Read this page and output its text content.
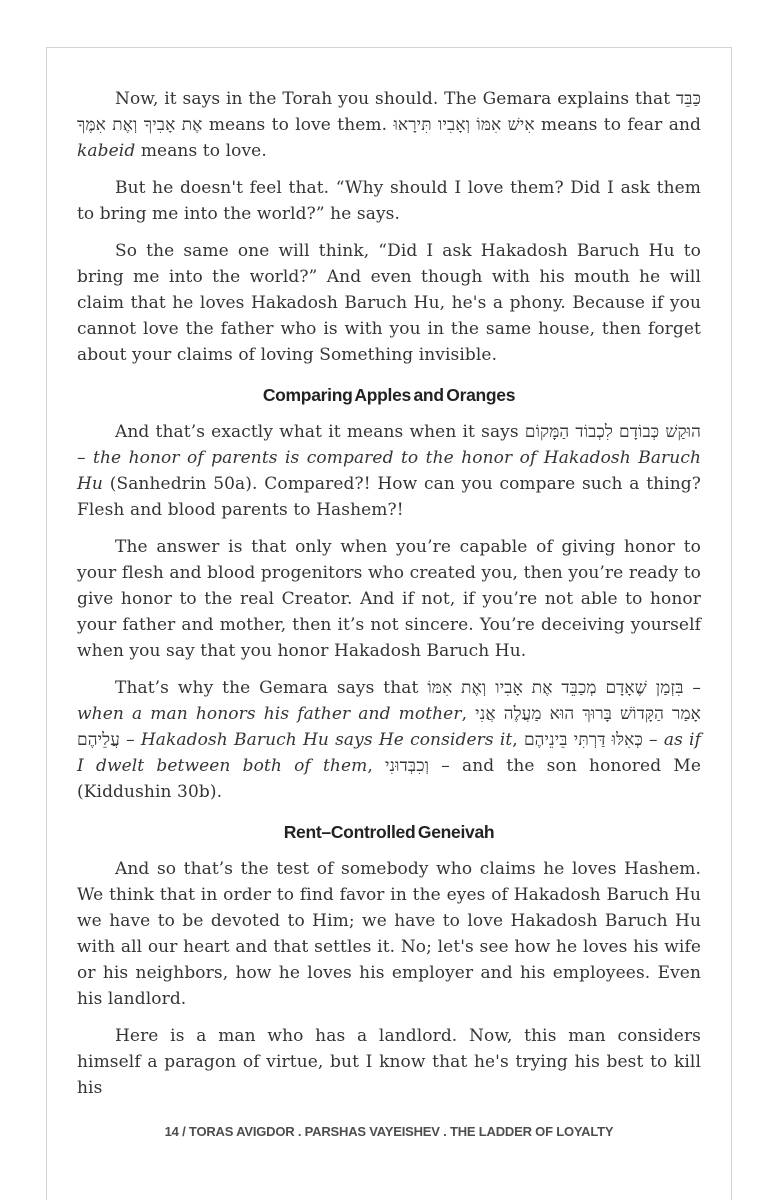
Now, it says in the Torah you should. The Gemara explains that כַּבֵּד אֶת אָבִיךָ וְאֶת אִמֶּךָ means to love them. אִישׁ אִמּוֹ וְאָבִיו תִּירָאוּ means to fear and kabeid means to love.

But he doesn't feel that. “Why should I love them? Did I ask them to bring me into the world?” he says.

So the same one will think, “Did I ask Hakadosh Baruch Hu to bring me into the world?” And even though with his mouth he will claim that he loves Hakadosh Baruch Hu, he's a phony. Because if you cannot love the father who is with you in the same house, then forget about your claims of loving Something invisible.

Comparing Apples and Oranges

And that’s exactly what it means when it says הוּקַשׁ כְּבוֹדָם לִכְבוֹד הַמָּקוֹם – the honor of parents is compared to the honor of Hakadosh Baruch Hu (Sanhedrin 50a). Compared?! How can you compare such a thing? Flesh and blood parents to Hashem?!

The answer is that only when you’re capable of giving honor to your flesh and blood progenitors who created you, then you’re ready to give honor to the real Creator. And if not, if you’re not able to honor your father and mother, then it’s not sincere. You’re deceiving yourself when you say that you honor Hakadosh Baruch Hu.

That’s why the Gemara says that בִּזְמַן שֶׁאָדָם מְכַבֵּד אֶת אָבִיו וְאֶת אִמּוֹ – when a man honors his father and mother, אָמַר הַקָּדוֹשׁ בָּרוּךְ הוּא מַעֲלֶה אֲנִי עֲלֵיהֶם – Hakadosh Baruch Hu says He considers it, כְּאִלּוּ דַּרְתִּי בֵּינֵיהֶם – as if I dwelt between both of them, וְכִבְּדוּנִי – and the son honored Me (Kiddushin 30b).

Rent–Controlled Geneivah

And so that’s the test of somebody who claims he loves Hashem. We think that in order to find favor in the eyes of Hakadosh Baruch Hu we have to be devoted to Him; we have to love Hakadosh Baruch Hu with all our heart and that settles it. No; let's see how he loves his wife or his neighbors, how he loves his employer and his employees. Even his landlord.

Here is a man who has a landlord. Now, this man considers himself a paragon of virtue, but I know that he's trying his best to kill his

14 / TORAS AVIGDOR . PARSHAS VAYEISHEV . THE LADDER OF LOYALTY
